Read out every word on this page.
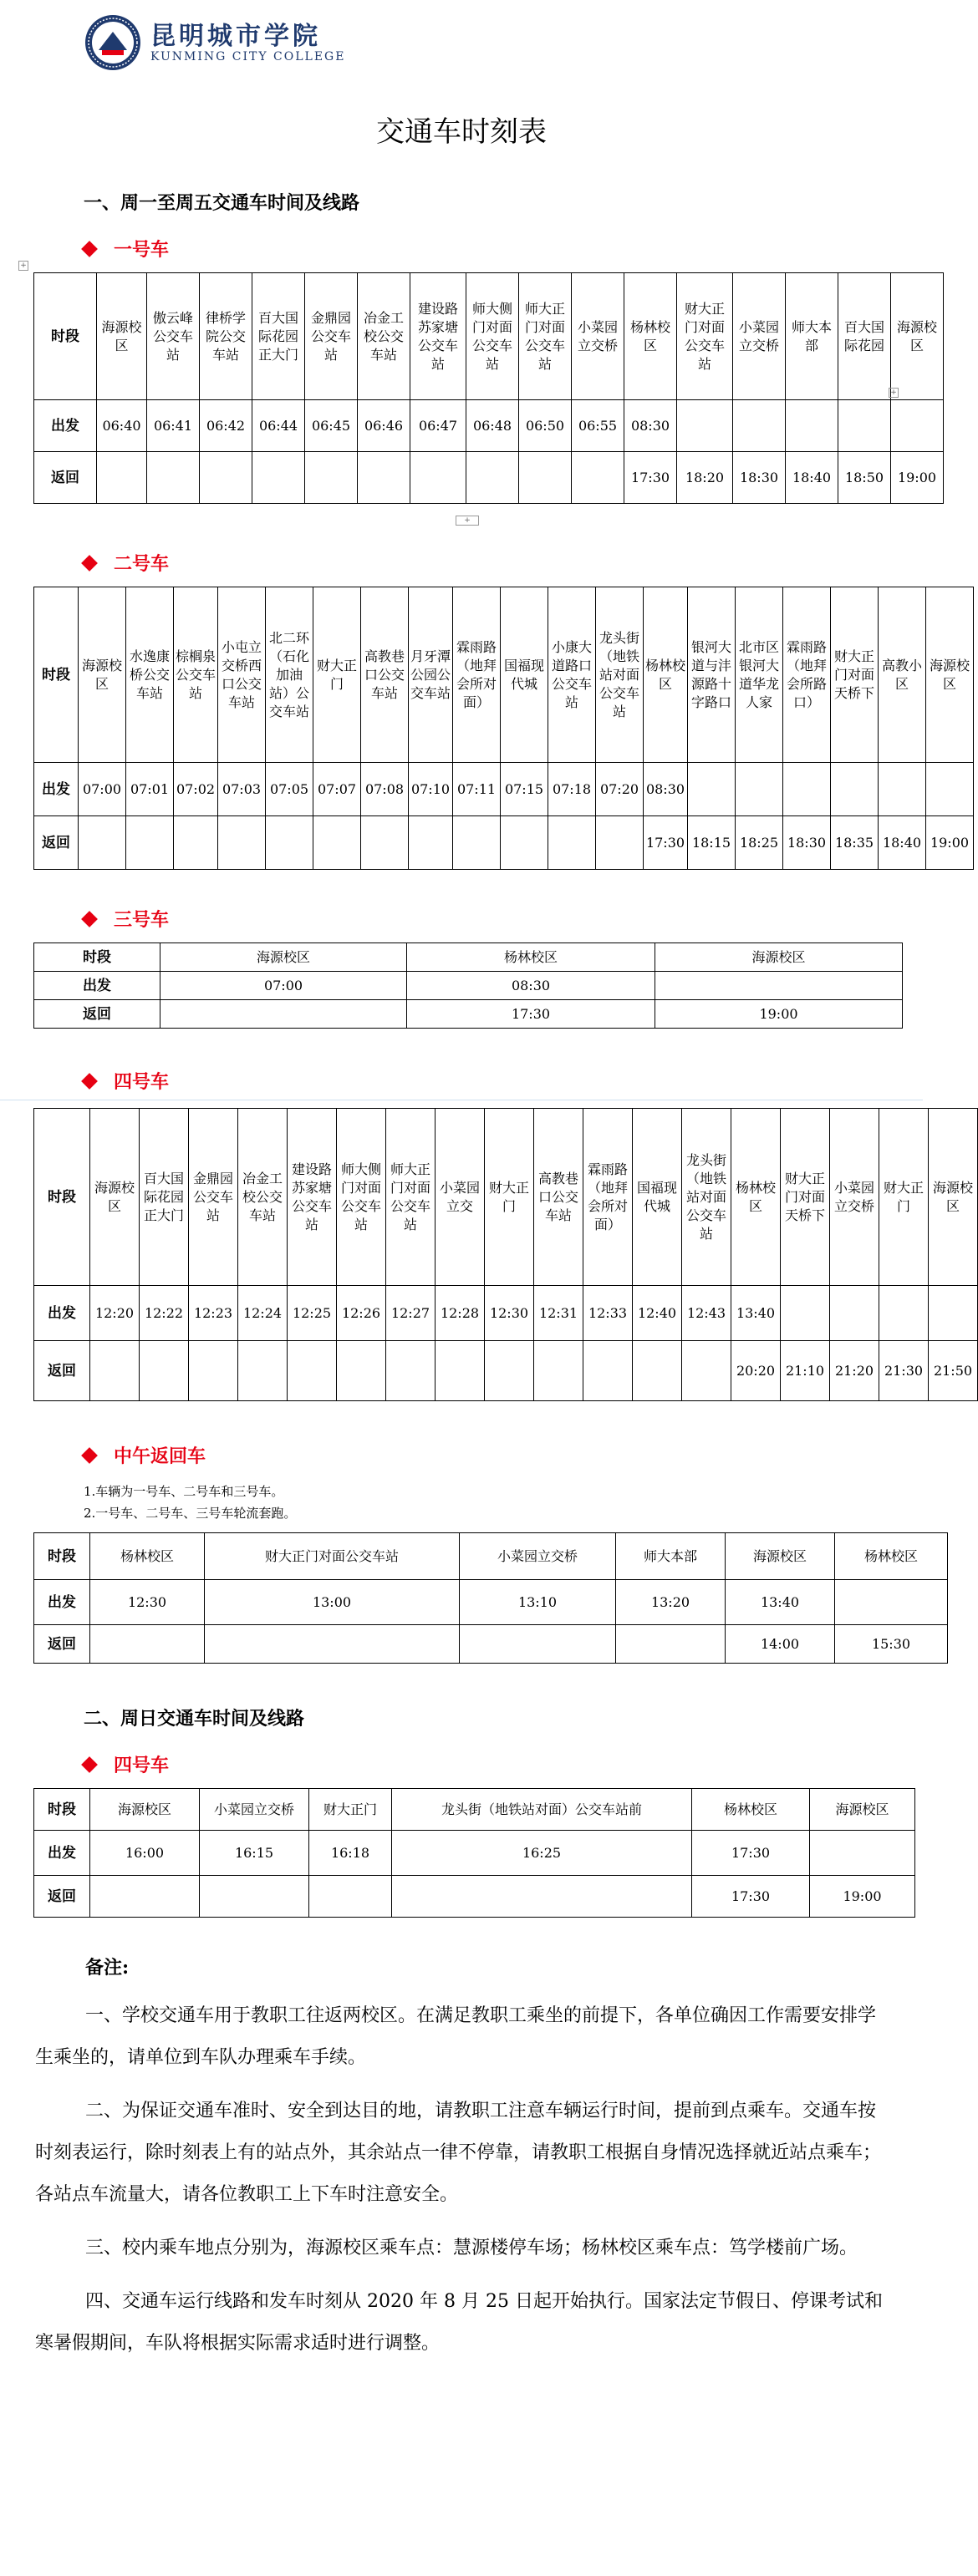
昆明城市学院
KUNMING CITY COLLEGE
交通车时刻表
一、周一至周五交通车时间及线路
+
一号车
时段	海源校区	傲云峰公交车站	律桥学院公交车站	百大国际花园正大门	金鼎园公交车站	冶金工校公交车站	建设路苏家塘公交车站	师大侧门对面公交车站	师大正门对面公交车站	小菜园立交桥	杨林校区	财大正门对面公交车站	小菜园立交桥	师大本部	百大国际花园	海源校区
出发	06:40	06:41	06:42	06:44	06:45	06:46	06:47	06:48	06:50	06:55	08:30					
返回											17:30	18:20	18:30	18:40	18:50	19:00
+
+
二号车
时段	海源校区	水逸康桥公交车站	棕榈泉公交车站	小屯立交桥西口公交车站	北二环（石化加油站）公交车站	财大正门	高教巷口公交车站	月牙潭公园公交车站	霖雨路（地拜会所对面）	国福现代城	小康大道路口公交车站	龙头街（地铁站对面公交车站	杨林校区	银河大道与沣源路十字路口	北市区银河大道华龙人家	霖雨路（地拜会所路口）	财大正门对面天桥下	高教小区	海源校区
出发	07:00	07:01	07:02	07:03	07:05	07:07	07:08	07:10	07:11	07:15	07:18	07:20	08:30						
返回													17:30	18:15	18:25	18:30	18:35	18:40	19:00
三号车
时段	海源校区	杨林校区	海源校区
出发	07:00	08:30	
返回		17:30	19:00
四号车
时段	海源校区	百大国际花园正大门	金鼎园公交车站	冶金工校公交车站	建设路苏家塘公交车站	师大侧门对面公交车站	师大正门对面公交车站	小菜园立交	财大正门	高教巷口公交车站	霖雨路（地拜会所对面）	国福现代城	龙头街（地铁站对面公交车站	杨林校区	财大正门对面天桥下	小菜园立交桥	财大正门	海源校区
出发	12:20	12:22	12:23	12:24	12:25	12:26	12:27	12:28	12:30	12:31	12:33	12:40	12:43	13:40				
返回														20:20	21:10	21:20	21:30	21:50
中午返回车
1.车辆为一号车、二号车和三号车。
2.一号车、二号车、三号车轮流套跑。
时段	杨林校区	财大正门对面公交车站	小菜园立交桥	师大本部	海源校区	杨林校区
出发	12:30	13:00	13:10	13:20	13:40	
返回					14:00	15:30
二、周日交通车时间及线路
四号车
时段	海源校区	小菜园立交桥	财大正门	龙头街（地铁站对面）公交车站前	杨林校区	海源校区
出发	16:00	16:15	16:18	16:25	17:30	
返回					17:30	19:00

备注:

一、学校交通车用于教职工往返两校区。在满足教职工乘坐的前提下，各单位确因工作需要安排学生乘坐的，请单位到车队办理乘车手续。

二、为保证交通车准时、安全到达目的地，请教职工注意车辆运行时间，提前到点乘车。交通车按时刻表运行，除时刻表上有的站点外，其余站点一律不停靠，请教职工根据自身情况选择就近站点乘车；各站点车流量大，请各位教职工上下车时注意安全。

三、校内乘车地点分别为，海源校区乘车点：慧源楼停车场；杨林校区乘车点：笃学楼前广场。

四、交通车运行线路和发车时刻从 2020 年 8 月 25 日起开始执行。国家法定节假日、停课考试和寒暑假期间，车队将根据实际需求适时进行调整。
